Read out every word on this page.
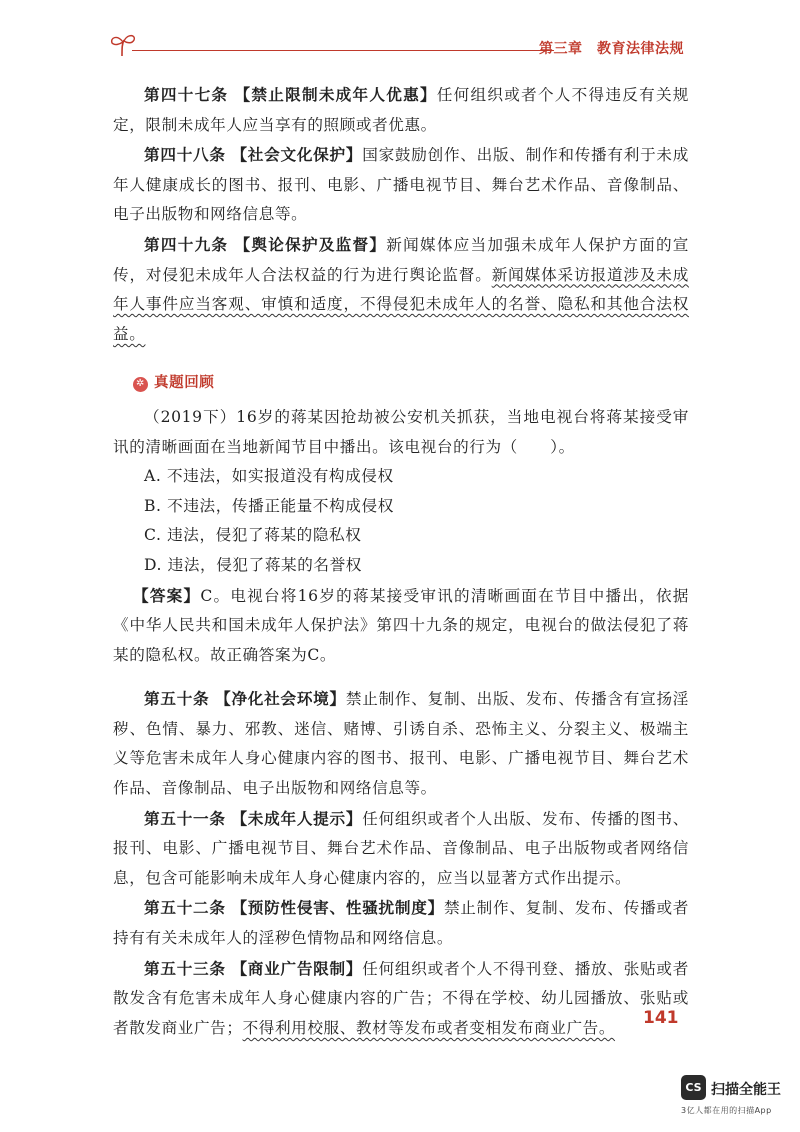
第三章　教育法律法规

第四十七条 【禁止限制未成年人优惠】任何组织或者个人不得违反有关规定，限制未成年人应当享有的照顾或者优惠。

第四十八条 【社会文化保护】国家鼓励创作、出版、制作和传播有利于未成年人健康成长的图书、报刊、电影、广播电视节目、舞台艺术作品、音像制品、电子出版物和网络信息等。

第四十九条 【舆论保护及监督】新闻媒体应当加强未成年人保护方面的宣传，对侵犯未成年人合法权益的行为进行舆论监督。新闻媒体采访报道涉及未成年人事件应当客观、审慎和适度，不得侵犯未成年人的名誉、隐私和其他合法权益。

✲
真题回顾

（2019下）16岁的蒋某因抢劫被公安机关抓获，当地电视台将蒋某接受审讯的清晰画面在当地新闻节目中播出。该电视台的行为（　　）。

A. 不违法，如实报道没有构成侵权

B. 不违法，传播正能量不构成侵权

C. 违法，侵犯了蒋某的隐私权

D. 违法，侵犯了蒋某的名誉权

【答案】C。电视台将16岁的蒋某接受审讯的清晰画面在节目中播出，依据《中华人民共和国未成年人保护法》第四十九条的规定，电视台的做法侵犯了蒋某的隐私权。故正确答案为C。

第五十条 【净化社会环境】禁止制作、复制、出版、发布、传播含有宣扬淫秽、色情、暴力、邪教、迷信、赌博、引诱自杀、恐怖主义、分裂主义、极端主义等危害未成年人身心健康内容的图书、报刊、电影、广播电视节目、舞台艺术作品、音像制品、电子出版物和网络信息等。

第五十一条 【未成年人提示】任何组织或者个人出版、发布、传播的图书、报刊、电影、广播电视节目、舞台艺术作品、音像制品、电子出版物或者网络信息，包含可能影响未成年人身心健康内容的，应当以显著方式作出提示。

第五十二条 【预防性侵害、性骚扰制度】禁止制作、复制、发布、传播或者持有有关未成年人的淫秽色情物品和网络信息。

第五十三条 【商业广告限制】任何组织或者个人不得刊登、播放、张贴或者散发含有危害未成年人身心健康内容的广告；不得在学校、幼儿园播放、张贴或者散发商业广告；不得利用校服、教材等发布或者变相发布商业广告。	141
CS 扫描全能王
3亿人都在用的扫描App
